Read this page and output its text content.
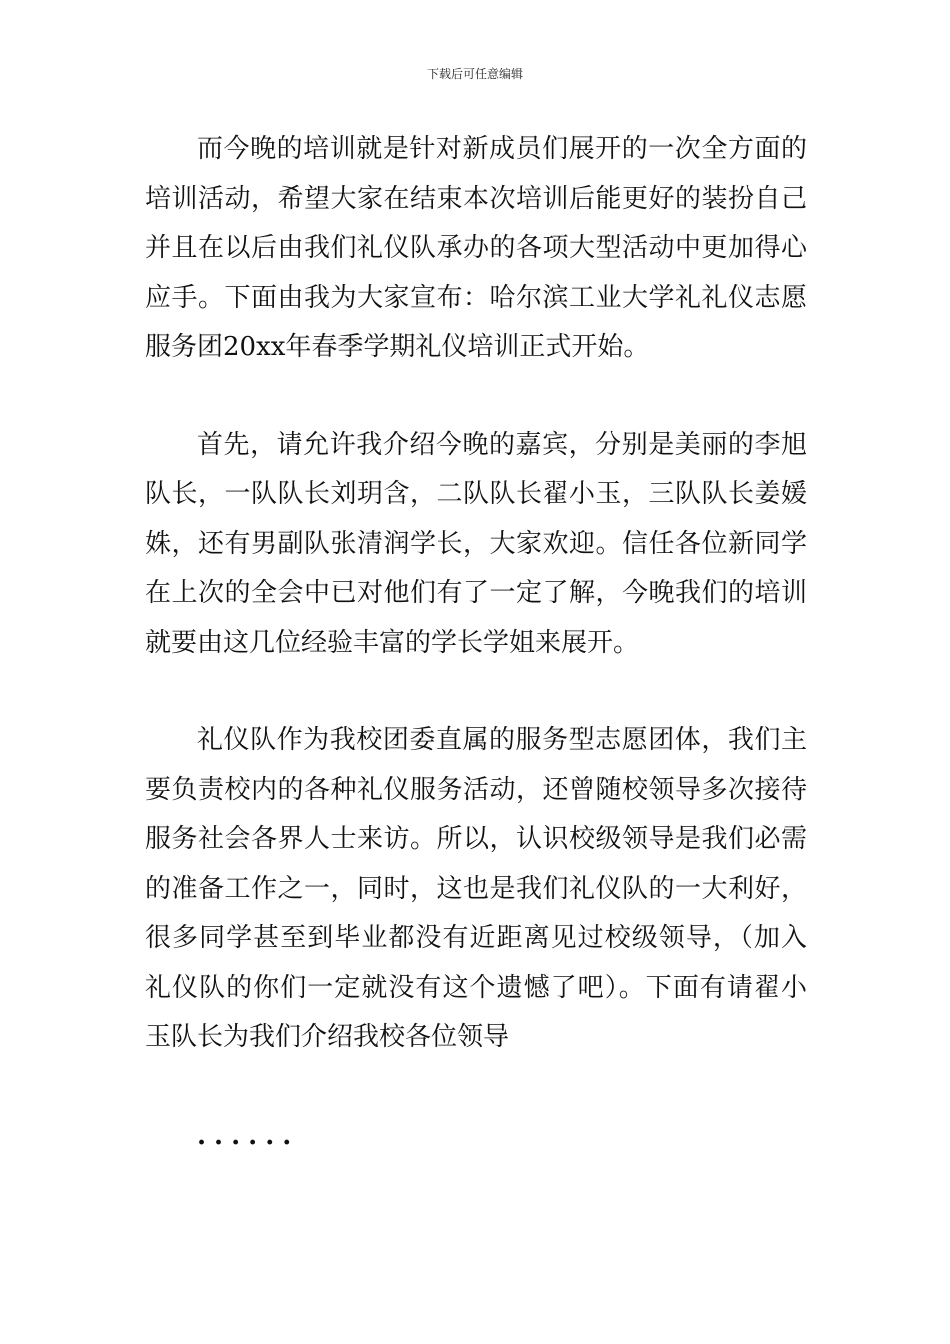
下载后可任意编辑

而今晚的培训就是针对新成员们展开的一次全方面的培训活动，希望大家在结束本次培训后能更好的装扮自己并且在以后由我们礼仪队承办的各项大型活动中更加得心应手。下面由我为大家宣布：哈尔滨工业大学礼礼仪志愿服务团20xx年春季学期礼仪培训正式开始。

首先，请允许我介绍今晚的嘉宾，分别是美丽的李旭队长，一队队长刘玥含，二队队长翟小玉，三队队长姜媛姝，还有男副队张清润学长，大家欢迎。信任各位新同学在上次的全会中已对他们有了一定了解，今晚我们的培训就要由这几位经验丰富的学长学姐来展开。

礼仪队作为我校团委直属的服务型志愿团体，我们主要负责校内的各种礼仪服务活动，还曾随校领导多次接待服务社会各界人士来访。所以，认识校级领导是我们必需的准备工作之一，同时，这也是我们礼仪队的一大利好，很多同学甚至到毕业都没有近距离见过校级领导，（加入礼仪队的你们一定就没有这个遗憾了吧）。下面有请翟小玉队长为我们介绍我校各位领导

······
